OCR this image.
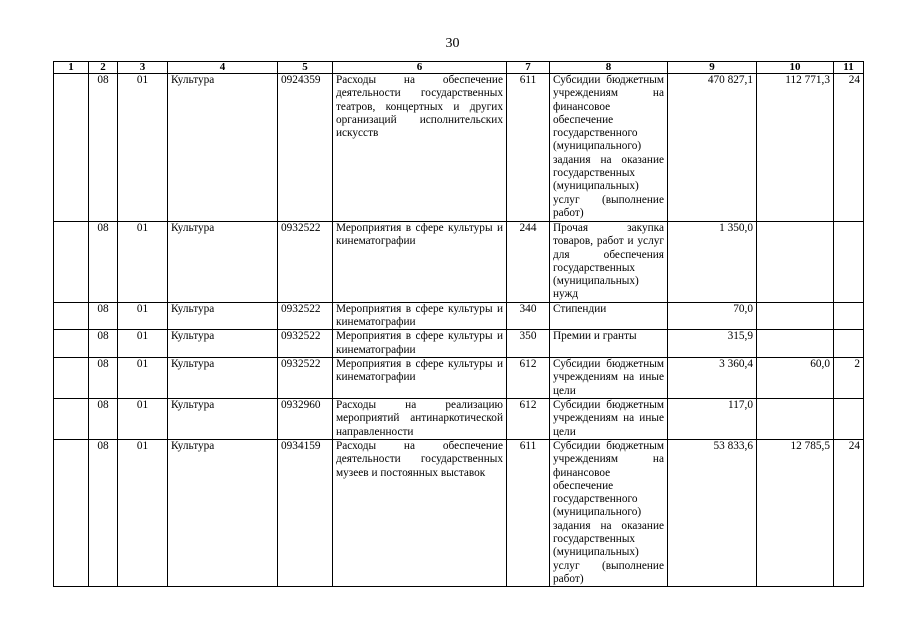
30
1	2	3	4	5	6	7	8	9	10	11
	08	01	Культура	0924359	Расходы на обеспечение деятельности государственных театров, концертных и других организаций исполнительских искусств	611	Субсидии бюджетным учреждениям на финансовое обеспечение государственного (муниципального) задания на оказание государственных (муниципальных) услуг (выполнение работ)	470 827,1	112 771,3	24
	08	01	Культура	0932522	Мероприятия в сфере культуры и кинематографии	244	Прочая закупка товаров, работ и услуг для обеспечения государственных (муниципальных) нужд	1 350,0		
	08	01	Культура	0932522	Мероприятия в сфере культуры и кинематографии	340	Стипендии	70,0		
	08	01	Культура	0932522	Мероприятия в сфере культуры и кинематографии	350	Премии и гранты	315,9		
	08	01	Культура	0932522	Мероприятия в сфере культуры и кинематографии	612	Субсидии бюджетным учреждениям на иные цели	3 360,4	60,0	2
	08	01	Культура	0932960	Расходы на реализацию мероприятий антинаркотической направленности	612	Субсидии бюджетным учреждениям на иные цели	117,0		
	08	01	Культура	0934159	Расходы на обеспечение деятельности государственных музеев и постоянных выставок	611	Субсидии бюджетным учреждениям на финансовое обеспечение государственного (муниципального) задания на оказание государственных (муниципальных) услуг (выполнение работ)	53 833,6	12 785,5	24
